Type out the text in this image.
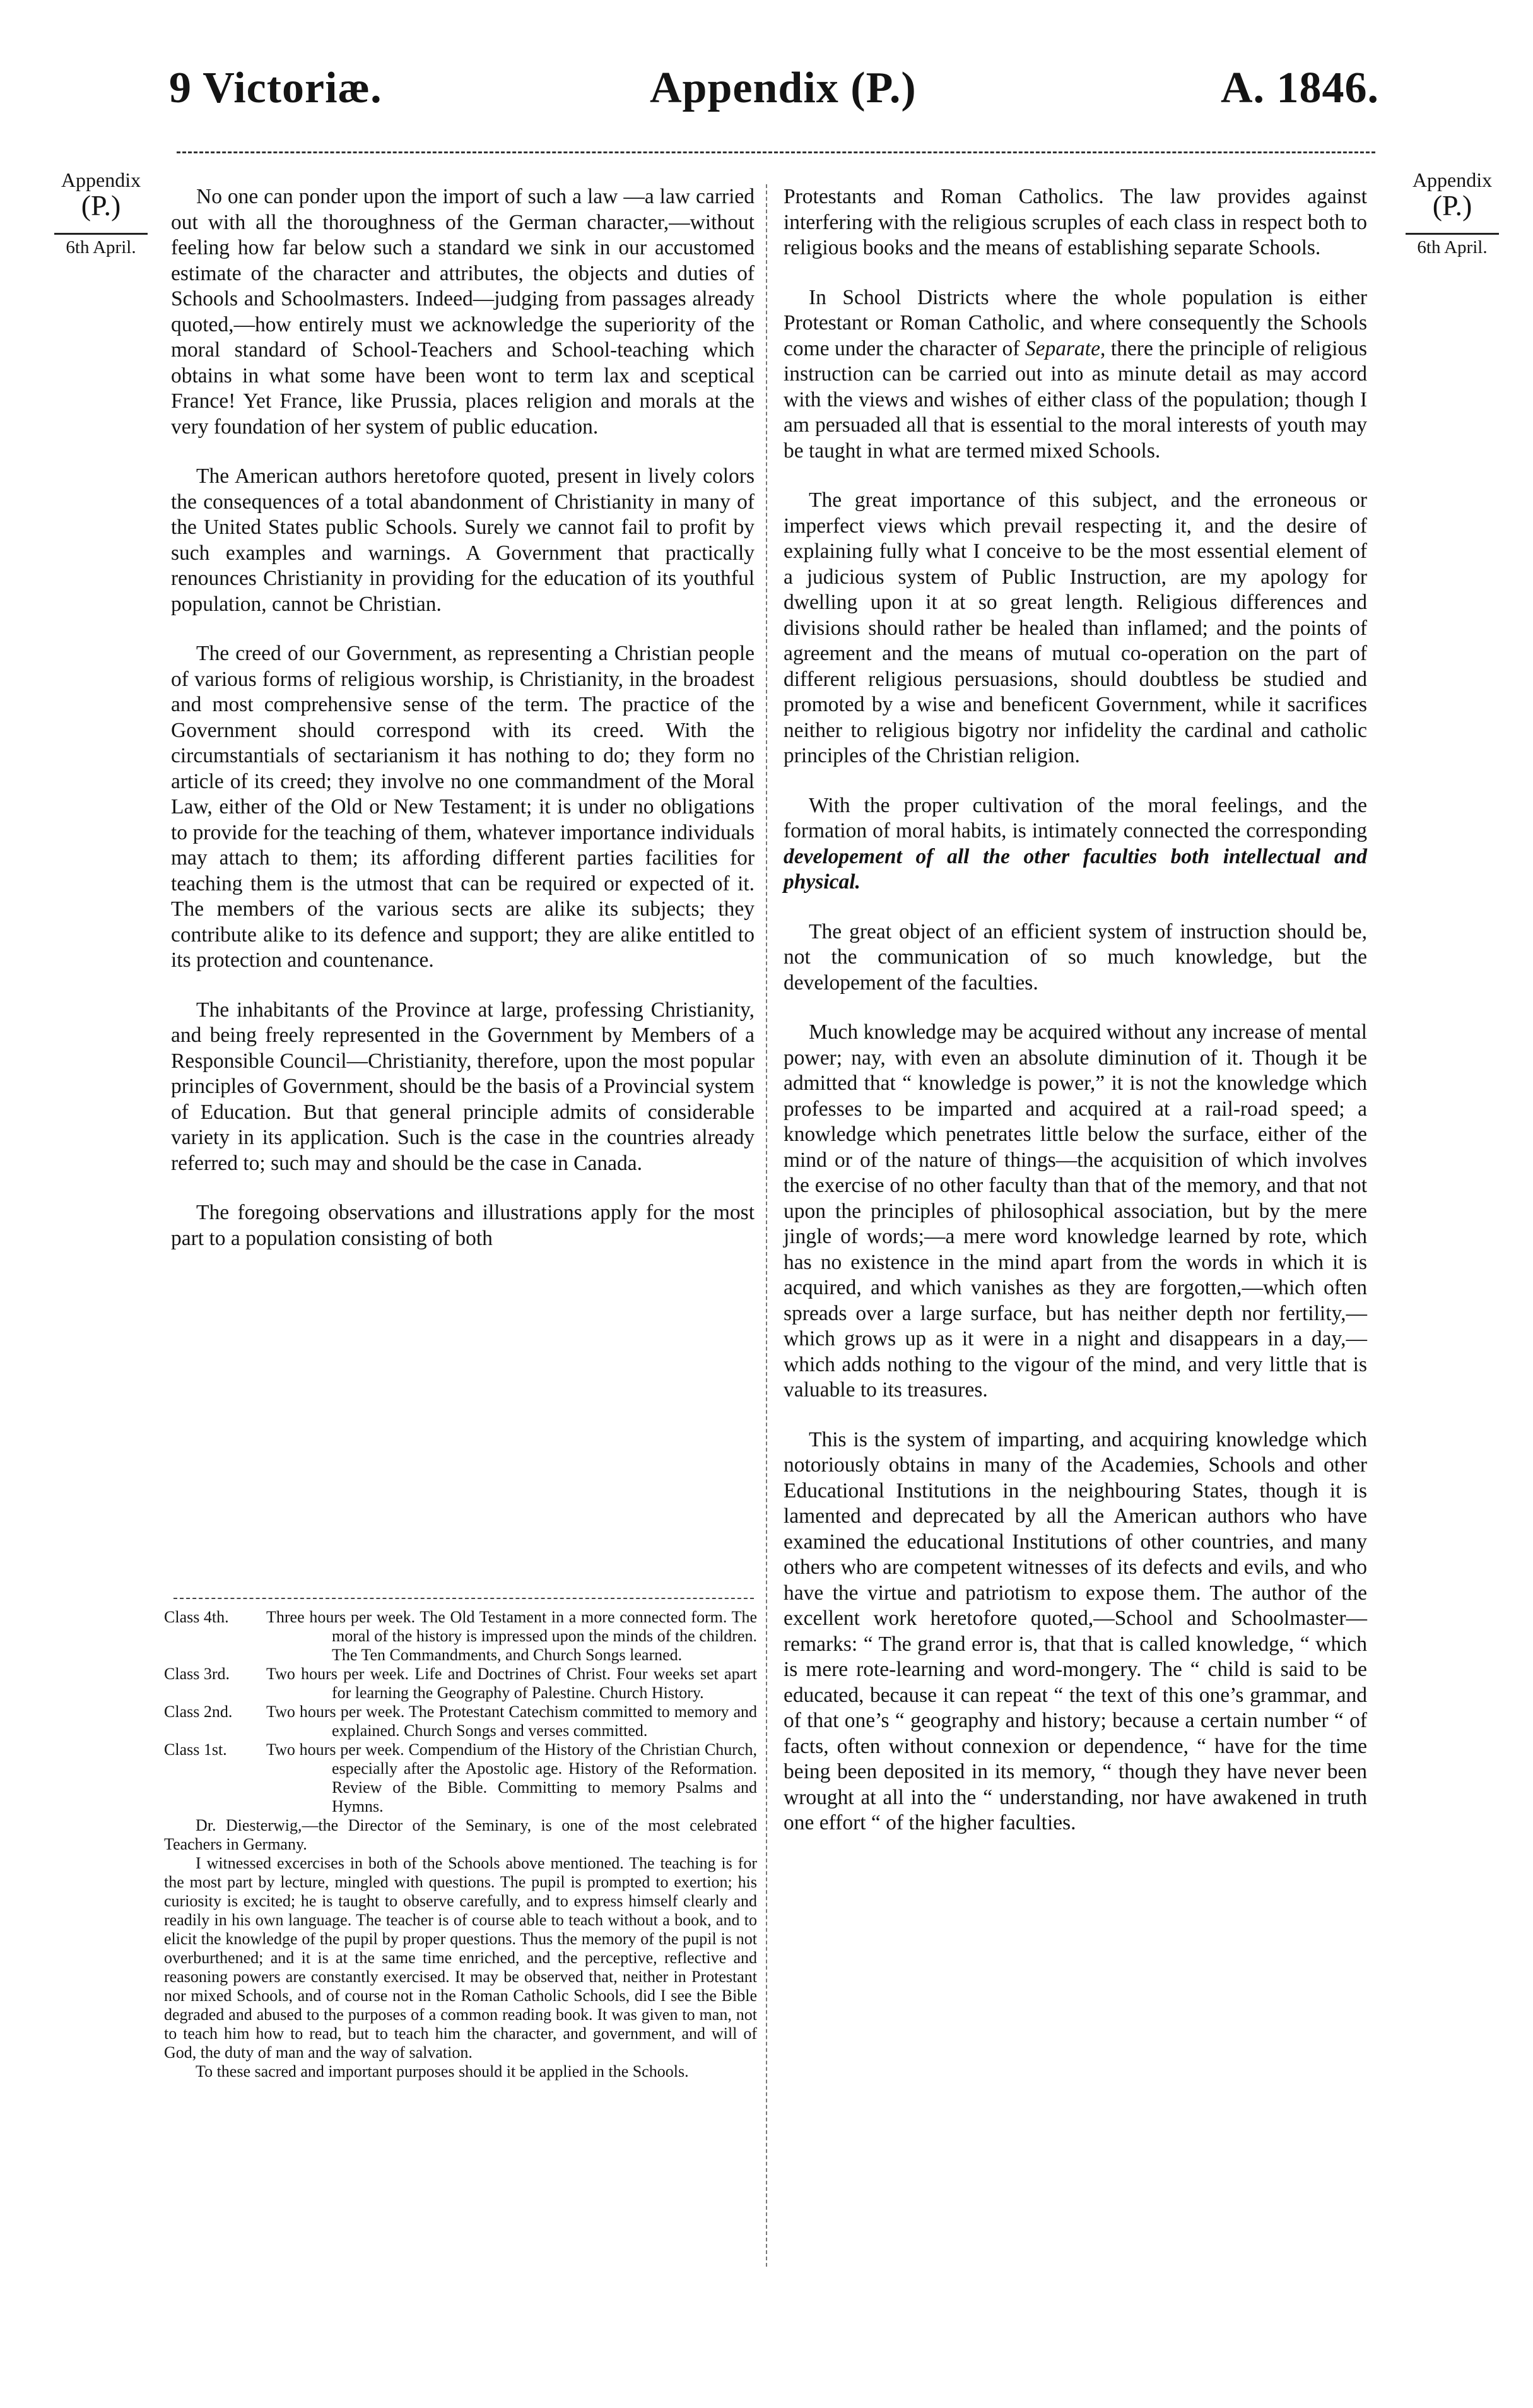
9 Victoriæ.	Appendix (P.)	A. 1846.
Appendix
(P.)
6th April.
Appendix
(P.)
6th April.

No one can ponder upon the import of such a law —a law carried out with all the thoroughness of the German character,—without feeling how far below such a standard we sink in our accustomed estimate of the character and attributes, the objects and duties of Schools and Schoolmasters. Indeed—judging from passages already quoted,—how entirely must we acknowledge the superiority of the moral standard of School-Teachers and School-teaching which obtains in what some have been wont to term lax and sceptical France! Yet France, like Prussia, places religion and morals at the very foundation of her system of public education.

The American authors heretofore quoted, present in lively colors the consequences of a total abandonment of Christianity in many of the United States public Schools. Surely we cannot fail to profit by such examples and warnings. A Government that practically renounces Christianity in providing for the education of its youthful population, cannot be Christian.

The creed of our Government, as representing a Christian people of various forms of religious worship, is Christianity, in the broadest and most comprehensive sense of the term. The practice of the Government should correspond with its creed. With the circumstantials of sectarianism it has nothing to do; they form no article of its creed; they involve no one commandment of the Moral Law, either of the Old or New Testament; it is under no obligations to provide for the teaching of them, whatever importance individuals may attach to them; its affording different parties facilities for teaching them is the utmost that can be required or expected of it. The members of the various sects are alike its subjects; they contribute alike to its defence and support; they are alike entitled to its protection and countenance.

The inhabitants of the Province at large, professing Christianity, and being freely represented in the Government by Members of a Responsible Council—Christianity, therefore, upon the most popular principles of Government, should be the basis of a Provincial system of Education. But that general principle admits of considerable variety in its application. Such is the case in the countries already referred to; such may and should be the case in Canada.

The foregoing observations and illustrations apply for the most part to a population consisting of both

Class 4th.	Three hours per week. The Old Testament in a more connected form. The moral of the history is impressed upon the minds of the children. The Ten Commandments, and Church Songs learned.
Class 3rd.	Two hours per week. Life and Doctrines of Christ. Four weeks set apart for learning the Geography of Palestine. Church History.
Class 2nd.	Two hours per week. The Protestant Catechism committed to memory and explained. Church Songs and verses committed.
Class 1st.	Two hours per week. Compendium of the History of the Christian Church, especially after the Apostolic age. History of the Reformation. Review of the Bible. Committing to memory Psalms and Hymns.

Dr. Diesterwig,—the Director of the Seminary, is one of the most celebrated Teachers in Germany.

I witnessed excercises in both of the Schools above mentioned. The teaching is for the most part by lecture, mingled with questions. The pupil is prompted to exertion; his curiosity is excited; he is taught to observe carefully, and to express himself clearly and readily in his own language. The teacher is of course able to teach without a book, and to elicit the knowledge of the pupil by proper questions. Thus the memory of the pupil is not overburthened; and it is at the same time enriched, and the perceptive, reflective and reasoning powers are constantly exercised. It may be observed that, neither in Protestant nor mixed Schools, and of course not in the Roman Catholic Schools, did I see the Bible degraded and abused to the purposes of a common reading book. It was given to man, not to teach him how to read, but to teach him the character, and government, and will of God, the duty of man and the way of salvation.

To these sacred and important purposes should it be applied in the Schools.

Protestants and Roman Catholics. The law provides against interfering with the religious scruples of each class in respect both to religious books and the means of establishing separate Schools.

In School Districts where the whole population is either Protestant or Roman Catholic, and where consequently the Schools come under the character of Separate, there the principle of religious instruction can be carried out into as minute detail as may accord with the views and wishes of either class of the population; though I am persuaded all that is essential to the moral interests of youth may be taught in what are termed mixed Schools.

The great importance of this subject, and the erroneous or imperfect views which prevail respecting it, and the desire of explaining fully what I conceive to be the most essential element of a judicious system of Public Instruction, are my apology for dwelling upon it at so great length. Religious differences and divisions should rather be healed than inflamed; and the points of agreement and the means of mutual co-operation on the part of different religious persuasions, should doubtless be studied and promoted by a wise and beneficent Government, while it sacrifices neither to religious bigotry nor infidelity the cardinal and catholic principles of the Christian religion.

With the proper cultivation of the moral feelings, and the formation of moral habits, is intimately connected the corresponding developement of all the other faculties both intellectual and physical.

The great object of an efficient system of instruction should be, not the communication of so much knowledge, but the developement of the faculties.

Much knowledge may be acquired without any increase of mental power; nay, with even an absolute diminution of it. Though it be admitted that “ knowledge is power,” it is not the knowledge which professes to be imparted and acquired at a rail-road speed; a knowledge which penetrates little below the surface, either of the mind or of the nature of things—the acquisition of which involves the exercise of no other faculty than that of the memory, and that not upon the principles of philosophical association, but by the mere jingle of words;—a mere word knowledge learned by rote, which has no existence in the mind apart from the words in which it is acquired, and which vanishes as they are forgotten,—which often spreads over a large surface, but has neither depth nor fertility,—which grows up as it were in a night and disappears in a day,—which adds nothing to the vigour of the mind, and very little that is valuable to its treasures.

This is the system of imparting, and acquiring knowledge which notoriously obtains in many of the Academies, Schools and other Educational Institutions in the neighbouring States, though it is lamented and deprecated by all the American authors who have examined the educational Institutions of other countries, and many others who are competent witnesses of its defects and evils, and who have the virtue and patriotism to expose them. The author of the excellent work heretofore quoted,—School and Schoolmaster—remarks: “ The grand error is, that that is called knowledge, “ which is mere rote-learning and word-mongery. The “ child is said to be educated, because it can repeat “ the text of this one’s grammar, and of that one’s “ geography and history; because a certain number “ of facts, often without connexion or dependence, “ have for the time being been deposited in its memory, “ though they have never been wrought at all into the “ understanding, nor have awakened in truth one effort “ of the higher faculties.
